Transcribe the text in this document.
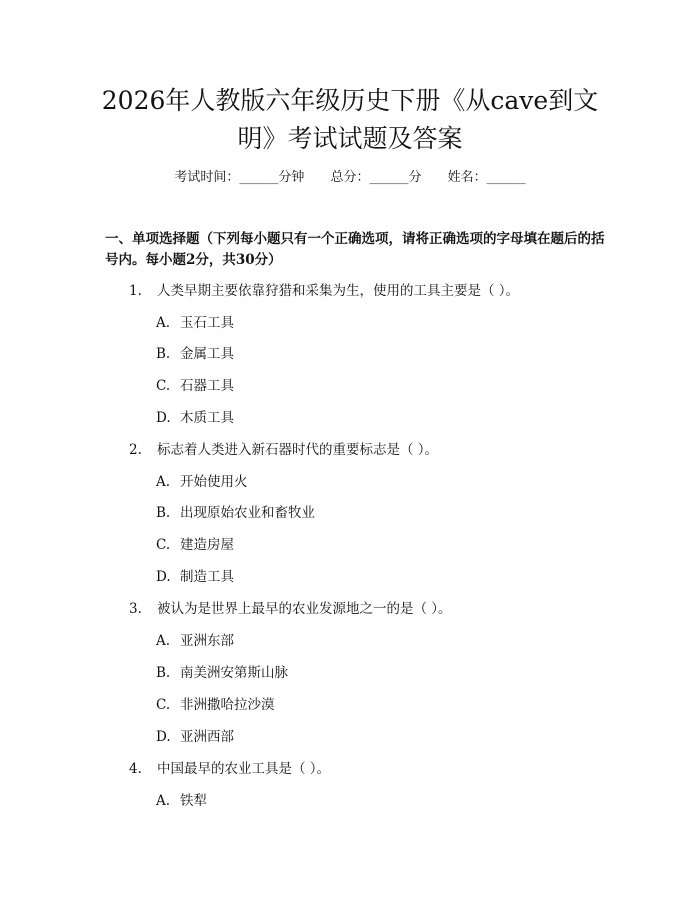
2026年人教版六年级历史下册《从cave到文明》考试试题及答案
考试时间：______分钟 总分：______分 姓名：______

一、单项选择题（下列每小题只有一个正确选项，请将正确选项的字母填在题后的括号内。每小题2分，共30分）

1. 人类早期主要依靠狩猎和采集为生，使用的工具主要是（ ）。
A. 玉石工具
B. 金属工具
C. 石器工具
D. 木质工具
2. 标志着人类进入新石器时代的重要标志是（ ）。
A. 开始使用火
B. 出现原始农业和畜牧业
C. 建造房屋
D. 制造工具
3. 被认为是世界上最早的农业发源地之一的是（ ）。
A. 亚洲东部
B. 南美洲安第斯山脉
C. 非洲撒哈拉沙漠
D. 亚洲西部
4. 中国最早的农业工具是（ ）。
A. 铁犁
